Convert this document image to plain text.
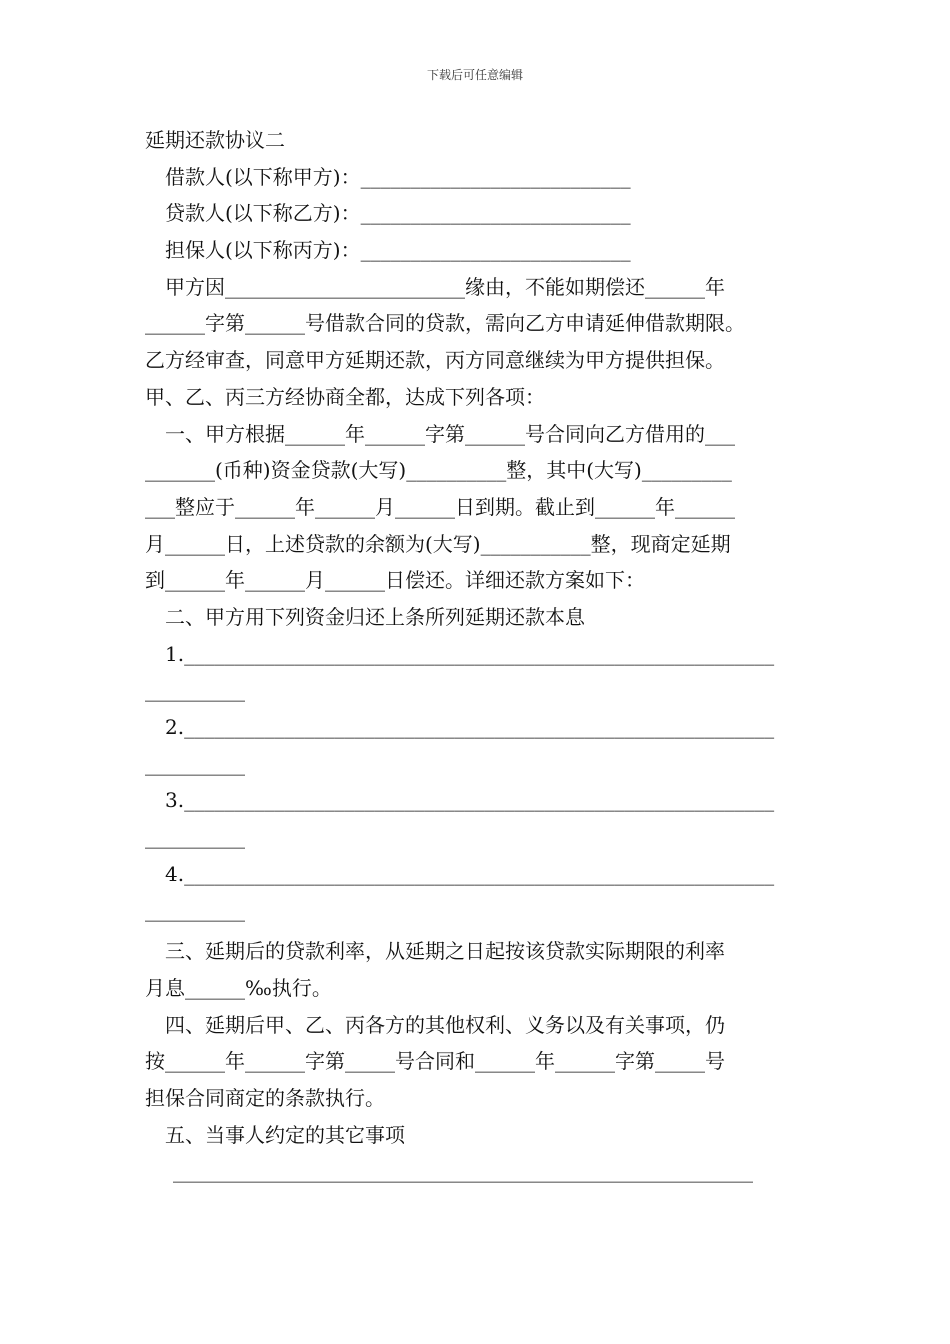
下载后可任意编辑
延期还款协议二
借款人(以下称甲方)：___________________________
贷款人(以下称乙方)：___________________________
担保人(以下称丙方)：___________________________
甲方因________________________缘由，不能如期偿还______年
______字第______号借款合同的贷款，需向乙方申请延伸借款期限。
乙方经审查，同意甲方延期还款，丙方同意继续为甲方提供担保。
甲、乙、丙三方经协商全都，达成下列各项：
一、甲方根据______年______字第______号合同向乙方借用的___
_______(币种)资金贷款(大写)__________整，其中(大写)_________
___整应于______年______月______日到期。截止到______年______
月______日，上述贷款的余额为(大写)___________整，现商定延期
到______年______月______日偿还。详细还款方案如下：
二、甲方用下列资金归还上条所列延期还款本息
1.___________________________________________________________
__________
2.___________________________________________________________
__________
3.___________________________________________________________
__________
4.___________________________________________________________
__________
三、延期后的贷款利率，从延期之日起按该贷款实际期限的利率
月息______‰执行。
四、延期后甲、乙、丙各方的其他权利、义务以及有关事项，仍
按______年______字第_____号合同和______年______字第_____号
担保合同商定的条款执行。
五、当事人约定的其它事项
__________________________________________________________
